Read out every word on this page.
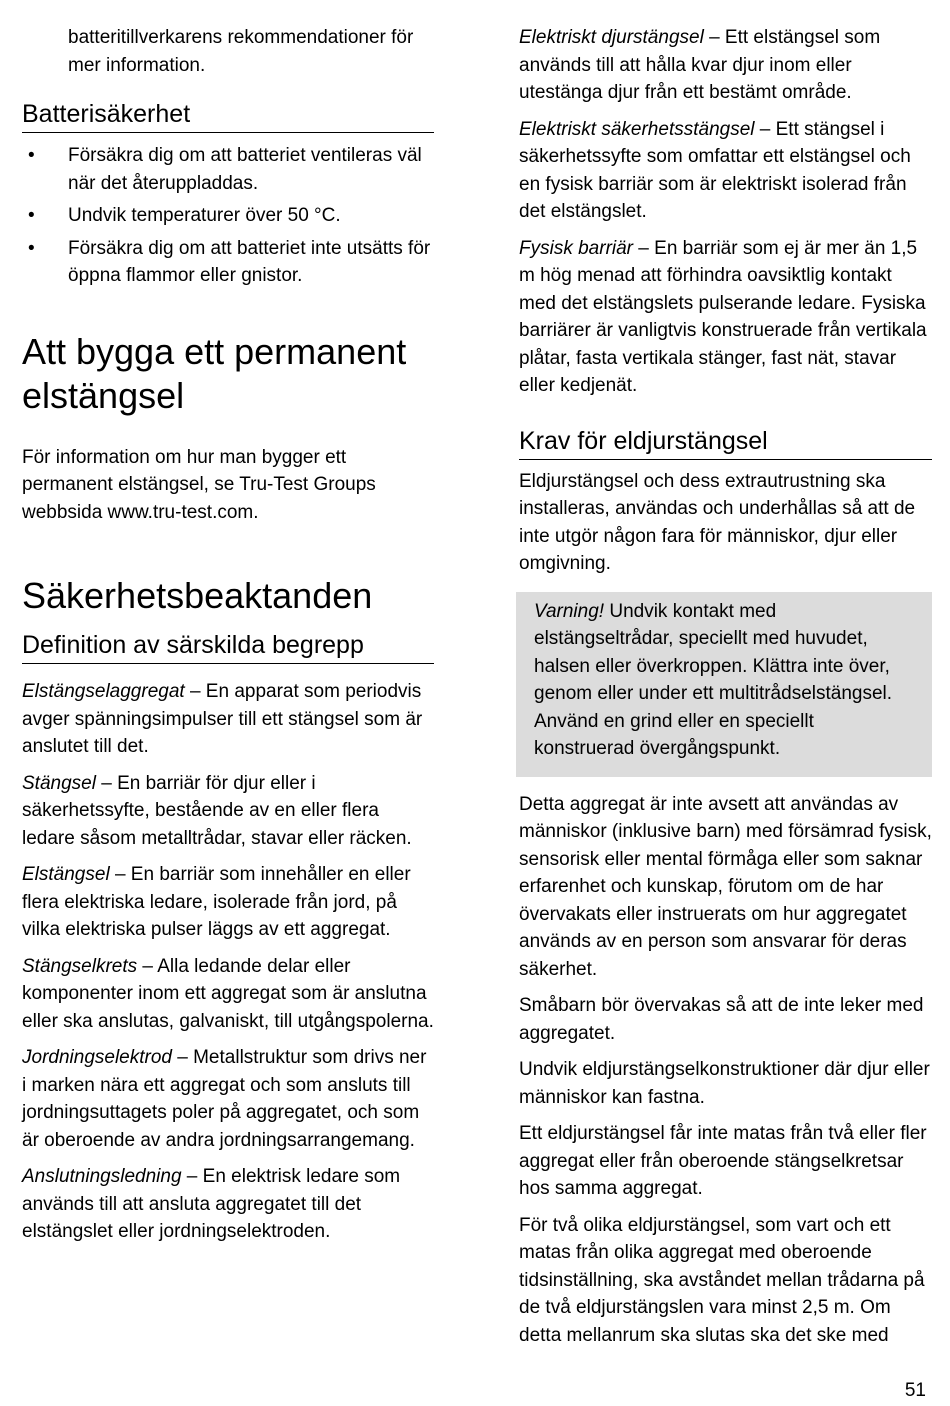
batteritillverkarens rekommendationer för mer information.

Batterisäkerhet
• Försäkra dig om att batteriet ventileras väl när det återuppladdas.
• Undvik temperaturer över 50 °C.
• Försäkra dig om att batteriet inte utsätts för öppna flammor eller gnistor.
Att bygga ett permanent elstängsel

För information om hur man bygger ett permanent elstängsel, se Tru-Test Groups webbsida www.tru-test.com.

Säkerhetsbeaktanden
Definition av särskilda begrepp

Elstängselaggregat – En apparat som periodvis avger spänningsimpulser till ett stängsel som är anslutet till det.

Stängsel – En barriär för djur eller i säkerhetssyfte, bestående av en eller flera ledare såsom metalltrådar, stavar eller räcken.

Elstängsel – En barriär som innehåller en eller flera elektriska ledare, isolerade från jord, på vilka elektriska pulser läggs av ett aggregat.

Stängselkrets – Alla ledande delar eller komponenter inom ett aggregat som är anslutna eller ska anslutas, galvaniskt, till utgångspolerna.

Jordningselektrod – Metallstruktur som drivs ner i marken nära ett aggregat och som ansluts till jordningsuttagets poler på aggregatet, och som är oberoende av andra jordningsarrangemang.

Anslutningsledning – En elektrisk ledare som används till att ansluta aggregatet till det elstängslet eller jordningselektroden.

Elektriskt djurstängsel – Ett elstängsel som används till att hålla kvar djur inom eller utestänga djur från ett bestämt område.

Elektriskt säkerhetsstängsel – Ett stängsel i säkerhetssyfte som omfattar ett elstängsel och en fysisk barriär som är elektriskt isolerad från det elstängslet.

Fysisk barriär – En barriär som ej är mer än 1,5 m hög menad att förhindra oavsiktlig kontakt med det elstängslets pulserande ledare. Fysiska barriärer är vanligtvis konstruerade från vertikala plåtar, fasta vertikala stänger, fast nät, stavar eller kedjenät.

Krav för eldjurstängsel

Eldjurstängsel och dess extrautrustning ska installeras, användas och underhållas så att de inte utgör någon fara för människor, djur eller omgivning.

Varning! Undvik kontakt med elstängseltrådar, speciellt med huvudet, halsen eller överkroppen. Klättra inte över, genom eller under ett multitrådselstängsel. Använd en grind eller en speciellt konstruerad övergångspunkt.

Detta aggregat är inte avsett att användas av människor (inklusive barn) med försämrad fysisk, sensorisk eller mental förmåga eller som saknar erfarenhet och kunskap, förutom om de har övervakats eller instruerats om hur aggregatet används av en person som ansvarar för deras säkerhet.

Småbarn bör övervakas så att de inte leker med aggregatet.

Undvik eldjurstängselkonstruktioner där djur eller människor kan fastna.

Ett eldjurstängsel får inte matas från två eller fler aggregat eller från oberoende stängselkretsar hos samma aggregat.

För två olika eldjurstängsel, som vart och ett matas från olika aggregat med oberoende tidsinställning, ska avståndet mellan trådarna på de två eldjurstängslen vara minst 2,5 m. Om detta mellanrum ska slutas ska det ske med

51
